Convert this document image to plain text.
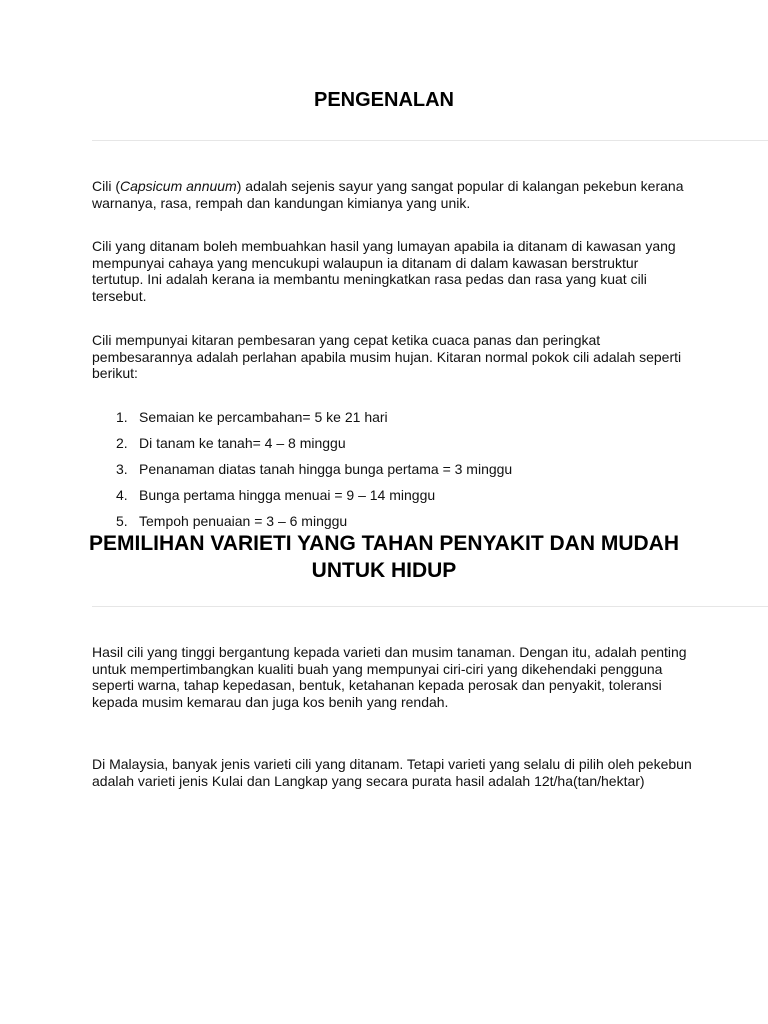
PENGENALAN

Cili (Capsicum annuum) adalah sejenis sayur yang sangat popular di kalangan pekebun kerana warnanya, rasa, rempah dan kandungan kimianya yang unik.

Cili yang ditanam boleh membuahkan hasil yang lumayan apabila ia ditanam di kawasan yang mempunyai cahaya yang mencukupi walaupun ia ditanam di dalam kawasan berstruktur tertutup. Ini adalah kerana ia membantu meningkatkan rasa pedas dan rasa yang kuat cili tersebut.

Cili mempunyai kitaran pembesaran yang cepat ketika cuaca panas dan peringkat pembesarannya adalah perlahan apabila musim hujan. Kitaran normal pokok cili adalah seperti berikut:

1. Semaian ke percambahan= 5 ke 21 hari
2. Di tanam ke tanah= 4 – 8 minggu
3. Penanaman diatas tanah hingga bunga pertama = 3 minggu
4. Bunga pertama hingga menuai = 9 – 14 minggu
5. Tempoh penuaian = 3 – 6 minggu
PEMILIHAN VARIETI YANG TAHAN PENYAKIT DAN MUDAH UNTUK HIDUP

Hasil cili yang tinggi bergantung kepada varieti dan musim tanaman. Dengan itu, adalah penting untuk mempertimbangkan kualiti buah yang mempunyai ciri-ciri yang dikehendaki pengguna seperti warna, tahap kepedasan, bentuk, ketahanan kepada perosak dan penyakit, toleransi kepada musim kemarau dan juga kos benih yang rendah.

Di Malaysia, banyak jenis varieti cili yang ditanam. Tetapi varieti yang selalu di pilih oleh pekebun adalah varieti jenis Kulai dan Langkap yang secara purata hasil adalah 12t/ha(tan/hektar)
